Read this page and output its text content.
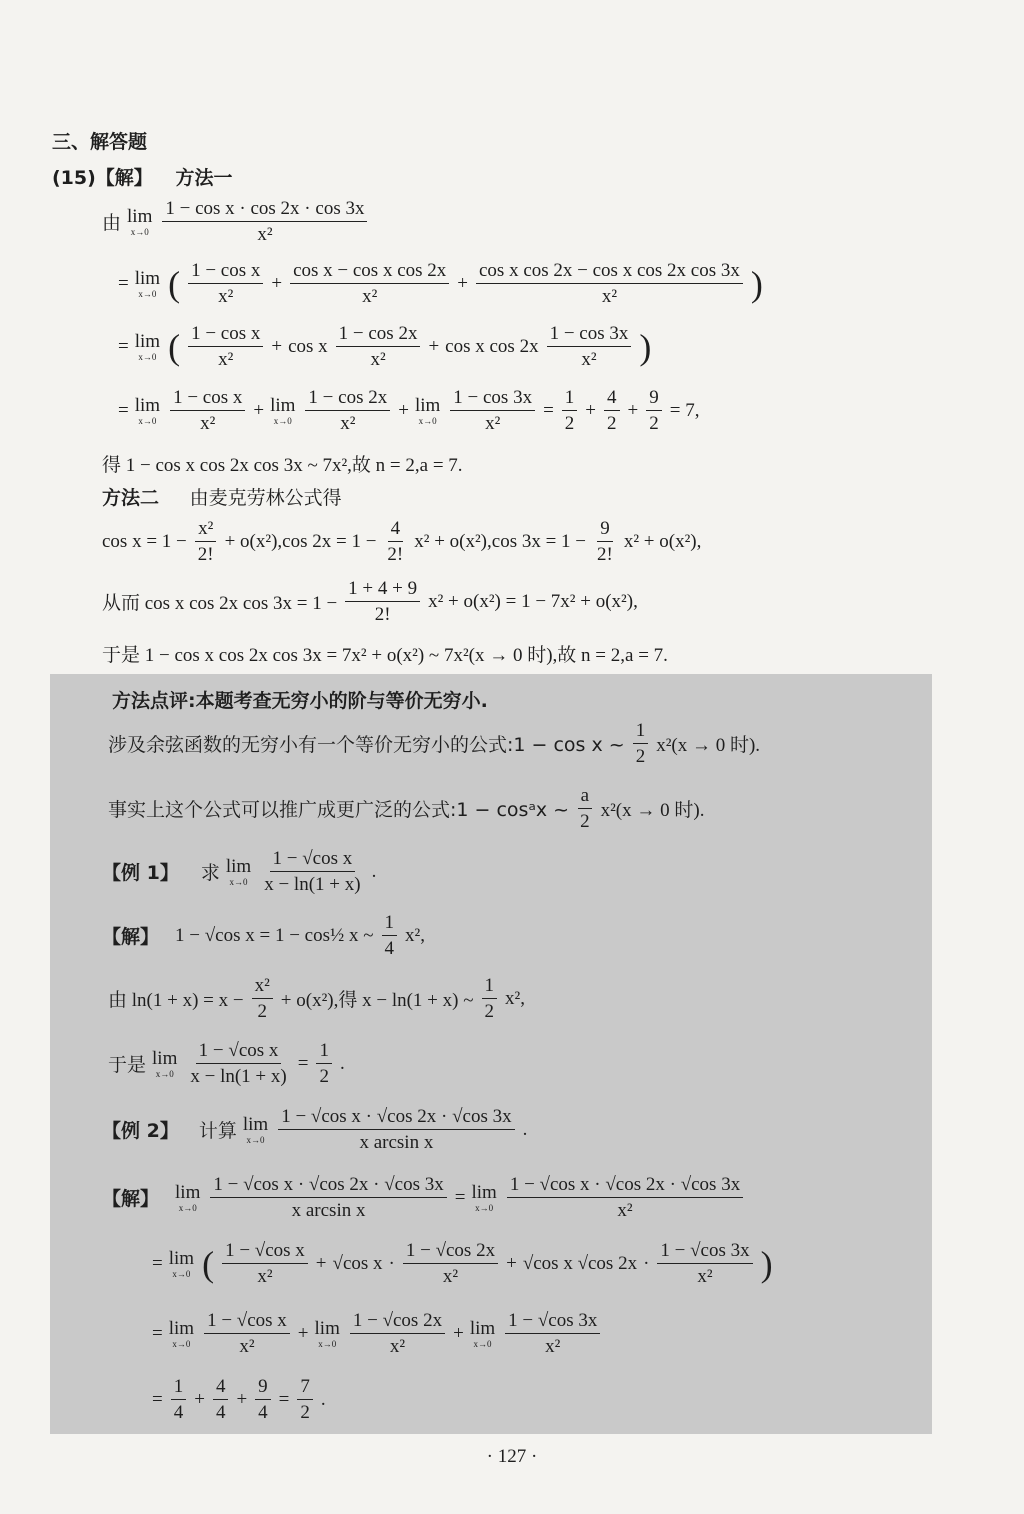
三、解答题
(15)【解】 方法一
由 lim
$x\to 0 \frac{\text{1 − cos x · cos 2x · cos 3x}}{\text{x²}}$
= lim
x→0 ( $\frac{\text{1 − cos x}}{\text{x²}} + \frac{\text{cos x − cos x cos 2x}}{\text{x²}} + \frac{\text{cos x cos 2x − cos x cos 2x cos 3x}}{\text{x²}}$ )
= lim
x→0 ( $\frac{\text{1 − cos x}}{\text{x²}} + \cos x \frac{1 - \cos 2x}{\text{x²}} + \cos x$ $\cos 2x \frac{1 - \cos 3x}{\text{x²}}$ )
= lim
$x\to 0 \frac{\text{1 − cos x}}{\text{x²}} + \lim$
$x\to 0 \frac{1 - \cos 2x}{\text{x²}} + \lim$
$x\to 0 \frac{1 - \cos 3x}{\text{x²}} = \frac{1}{2} + \frac{4}{2} + \frac{9}{2} = 7$,
得 1 − cos x cos 2x cos 3x ~ 7x²,故 n = 2,a = 7.
方法二 由麦克劳林公式得
$\cos x = 1 - \frac{\text{x²}}{2!} + o(x^2),\cos$ $2x = 1 - \frac{4}{2!} x^2 + o(x^2),\cos$ $3x = 1 - \frac{9}{2!} x^2 + o(x^2)$,
从而 cos x cos 2x $\cos 3x = 1 - \frac{1 + 4 + 9}{2!} x^2 + o(x^2) = 1 - 7x^2 + o(x^2)$,
于是 1 − cos x cos 2x cos 3x = 7x² + o(x²) ~ 7x²(x → 0 时),故 n = 2,a = 7.
方法点评:本题考查无穷小的阶与等价无穷小.
涉及余弦函数的无穷小有一个等价无穷小的公式:1 − cos x ~ $\frac{1}{2} x^2(x \to 0$ 时).
事实上这个公式可以推广成更广泛的公式:1 − cosᵃx ~ $\frac{a}{2} x^2(x \to 0$ 时).
【例 1】 求 lim
$x\to 0 \frac{\text{1 − √cos x}}{x - \ln(1 + x)}$ .
【解】 1 − √cos x = 1 − cos½ x ~ $\frac{1}{4} x^2$,
由 $\ln(1 + x) = x - \frac{\text{x²}}{2} + o(x^2)$,得 x − ln(1 + x) ~ $\frac{1}{2} x^2$,
于是 lim
$x\to 0 \frac{\text{1 − √cos x}}{x - \ln(1 + x)} = \frac{1}{2}$ .
【例 2】 计算 lim
$x\to 0 \frac{\text{1 − √cos x · √cos 2x · √cos 3x}}{\text{x arcsin x}}$ .
【解】 lim
$x\to 0 \frac{\text{1 − √cos x · √cos 2x · √cos 3x}}{\text{x arcsin x}} = \lim$
$x\to 0 \frac{\text{1 − √cos x · √cos 2x · √cos 3x}}{\text{x²}}$
= lim
x→0 ( $\frac{\text{1 − √cos x}}{\text{x²}} + √\cos$ $x \cdot \frac{1 - √\cos 2x}{\text{x²}} + √\cos$ x √cos $2x \cdot \frac{1 - √\cos 3x}{\text{x²}}$ )
= lim
$x\to 0 \frac{\text{1 − √cos x}}{\text{x²}} + \lim$
$x\to 0 \frac{1 - √\cos 2x}{\text{x²}} + \lim$
$x\to 0 \frac{1 - √\cos 3x}{\text{x²}}$
= $\frac{1}{4} + \frac{4}{4} + \frac{9}{4} = \frac{7}{2}$ .
· 127 ·
